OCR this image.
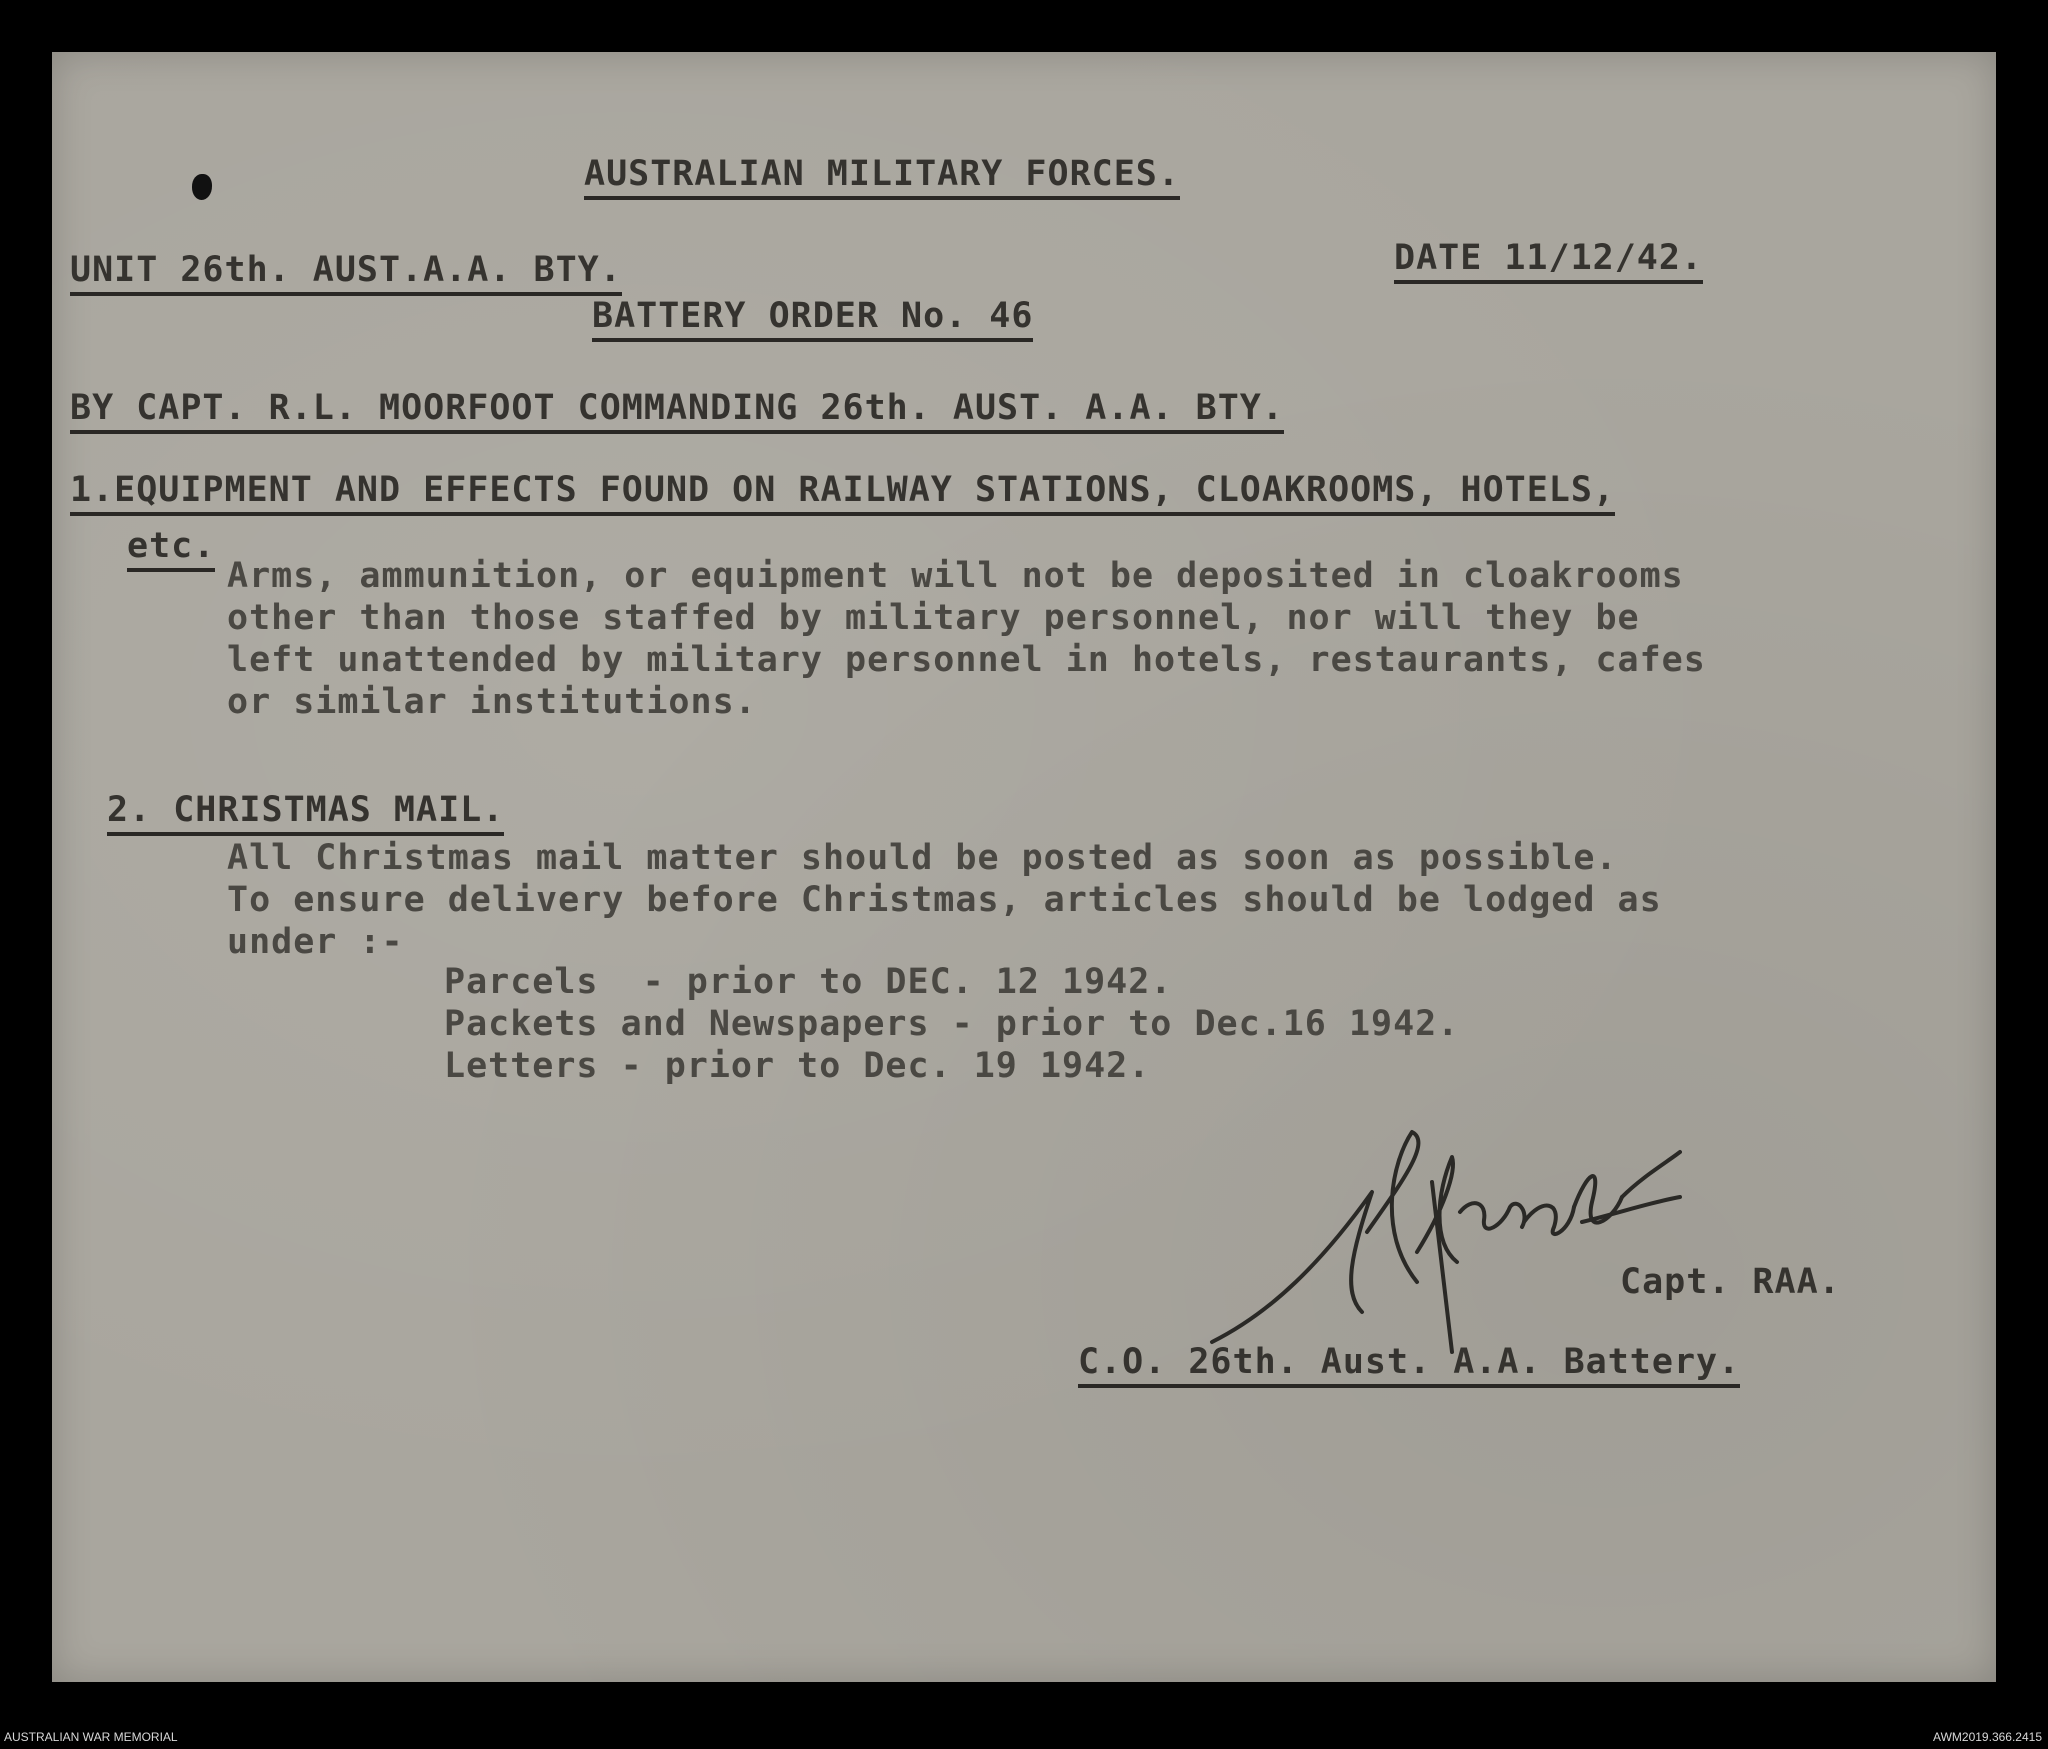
AUSTRALIAN MILITARY FORCES.

UNIT 26th. AUST.A.A. BTY.	DATE 11/12/42.

BATTERY ORDER No. 46

BY CAPT. R.L. MOORFOOT COMMANDING 26th. AUST. A.A. BTY.

1.EQUIPMENT AND EFFECTS FOUND ON RAILWAY STATIONS, CLOAKROOMS, HOTELS,

etc.

Arms, ammunition, or equipment will not be deposited in cloakrooms

other than those staffed by military personnel, nor will they be

left unattended by military personnel in hotels, restaurants, cafes

or similar institutions.

2. CHRISTMAS MAIL.

All Christmas mail matter should be posted as soon as possible.

To ensure delivery before Christmas, articles should be lodged as

under :-

Parcels  - prior to DEC. 12 1942.

Packets and Newspapers - prior to Dec.16 1942.

Letters - prior to Dec. 19 1942.

Capt. RAA.

C.O. 26th. Aust. A.A. Battery.

AUSTRALIAN WAR MEMORIAL	AWM2019.366.2415
